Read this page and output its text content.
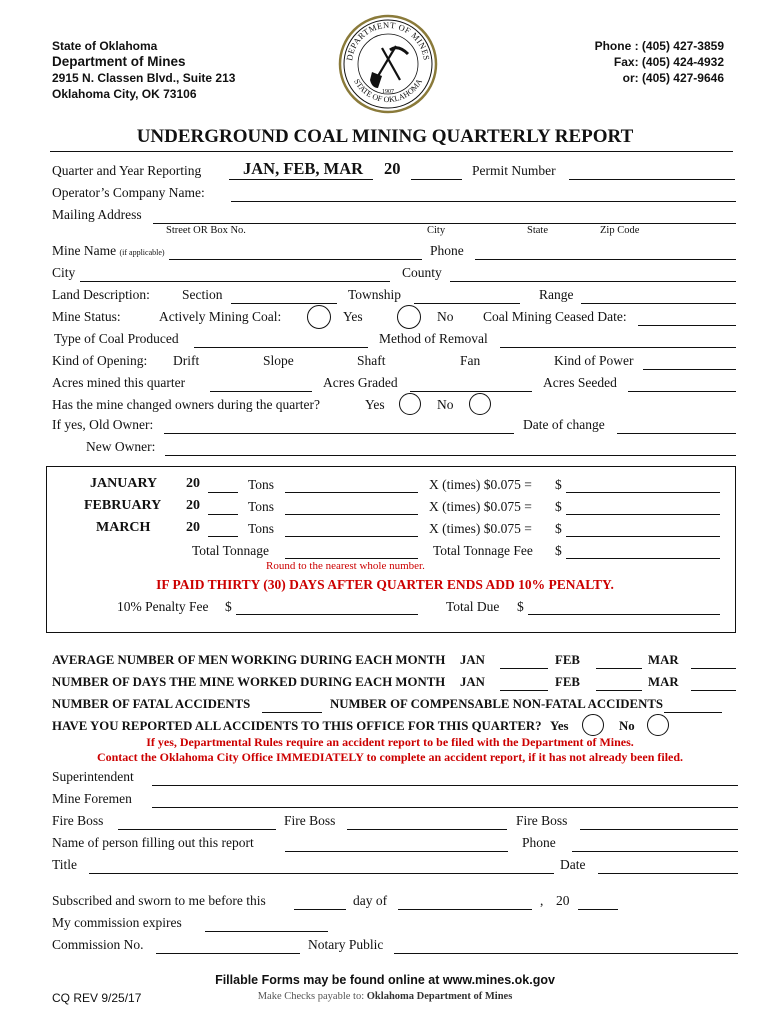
State of Oklahoma
Department of Mines
2915 N. Classen Blvd., Suite 213
Oklahoma City, OK 73106
DEPARTMENT OF MINES
STATE OF OKLAHOMA
1907
Phone : (405) 427-3859
Fax: (405) 424-4932
or: (405) 427-9646
UNDERGROUND COAL MINING QUARTERLY REPORT
Quarter and Year Reporting	JAN, FEB, MAR 20	Permit Number
Operator’s Company Name:
Mailing Address
Street OR Box No.	City	State	Zip Code
Mine Name (if applicable)	Phone
City	County
Land Description: Section	Township	Range
Mine Status:	Actively Mining Coal:	Yes	No Coal Mining Ceased Date:
Type of Coal Produced	Method of Removal
Kind of Opening: Drift	Slope	Shaft	Fan	Kind of Power
Acres mined this quarter	Acres Graded	Acres Seeded
Has the mine changed owners during the quarter?	Yes	No
If yes, Old Owner:	Date of change
New Owner:
JANUARY 20	Tons	X (times) $0.075 = $
FEBRUARY 20	Tons	X (times) $0.075 = $
MARCH	20	Tons	X (times) $0.075 = $
Total Tonnage	Total Tonnage Fee $
Round to the nearest whole number.
IF PAID THIRTY (30) DAYS AFTER QUARTER ENDS ADD 10% PENALTY.
10% Penalty Fee $	Total Due $
AVERAGE NUMBER OF MEN WORKING DURING EACH MONTH JAN	FEB	MAR
NUMBER OF DAYS THE MINE WORKED DURING EACH MONTH JAN	FEB	MAR
NUMBER OF FATAL ACCIDENTS	NUMBER OF COMPENSABLE NON-FATAL ACCIDENTS
HAVE YOU REPORTED ALL ACCIDENTS TO THIS OFFICE FOR THIS QUARTER? Yes	No
If yes, Departmental Rules require an accident report to be filed with the Department of Mines.
Contact the Oklahoma City Office IMMEDIATELY to complete an accident report, if it has not already been filed.
Superintendent
Mine Foremen
Fire Boss	Fire Boss	Fire Boss
Name of person filling out this report	Phone
Title	Date
Subscribed and sworn to me before this	day of	, 20
My commission expires
Commission No.	Notary Public
Fillable Forms may be found online at www.mines.ok.gov
Make Checks payable to: Oklahoma Department of Mines
CQ REV 9/25/17
